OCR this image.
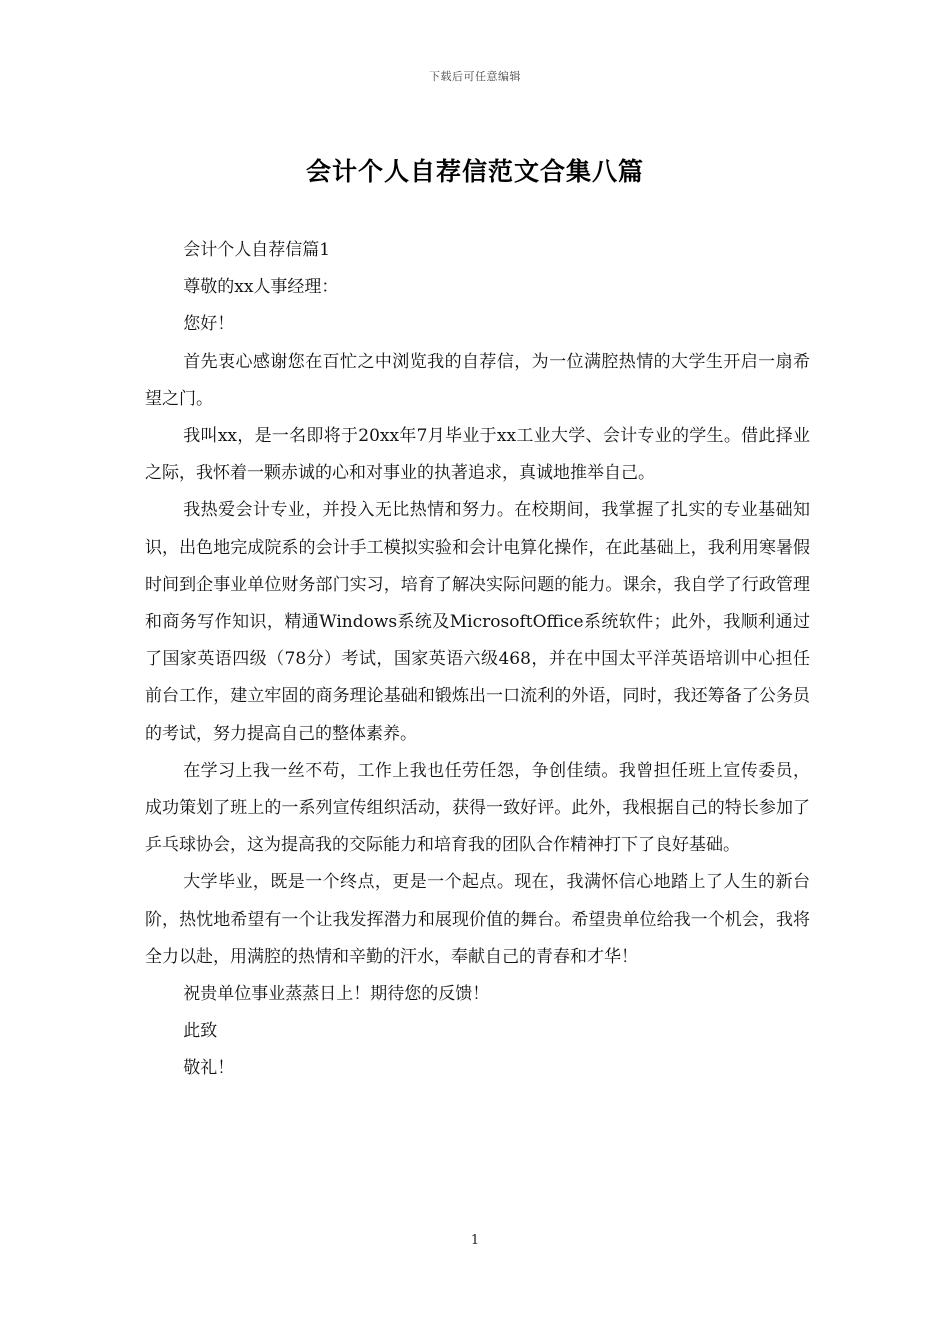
下载后可任意编辑
会计个人自荐信范文合集八篇

会计个人自荐信篇1

尊敬的xx人事经理：

您好！

首先衷心感谢您在百忙之中浏览我的自荐信，为一位满腔热情的大学生开启一扇希望之门。

我叫xx，是一名即将于20xx年7月毕业于xx工业大学、会计专业的学生。借此择业之际，我怀着一颗赤诚的心和对事业的执著追求，真诚地推举自己。

我热爱会计专业，并投入无比热情和努力。在校期间，我掌握了扎实的专业基础知识，出色地完成院系的会计手工模拟实验和会计电算化操作，在此基础上，我利用寒暑假时间到企事业单位财务部门实习，培育了解决实际问题的能力。课余，我自学了行政管理和商务写作知识，精通Windows系统及MicrosoftOffice系统软件；此外，我顺利通过了国家英语四级（78分）考试，国家英语六级468，并在中国太平洋英语培训中心担任前台工作，建立牢固的商务理论基础和锻炼出一口流利的外语，同时，我还筹备了公务员的考试，努力提高自己的整体素养。

在学习上我一丝不苟，工作上我也任劳任怨，争创佳绩。我曾担任班上宣传委员，成功策划了班上的一系列宣传组织活动，获得一致好评。此外，我根据自己的特长参加了乒乓球协会，这为提高我的交际能力和培育我的团队合作精神打下了良好基础。

大学毕业，既是一个终点，更是一个起点。现在，我满怀信心地踏上了人生的新台阶，热忱地希望有一个让我发挥潜力和展现价值的舞台。希望贵单位给我一个机会，我将全力以赴，用满腔的热情和辛勤的汗水，奉献自己的青春和才华！

祝贵单位事业蒸蒸日上！期待您的反馈！

此致

敬礼！

1
